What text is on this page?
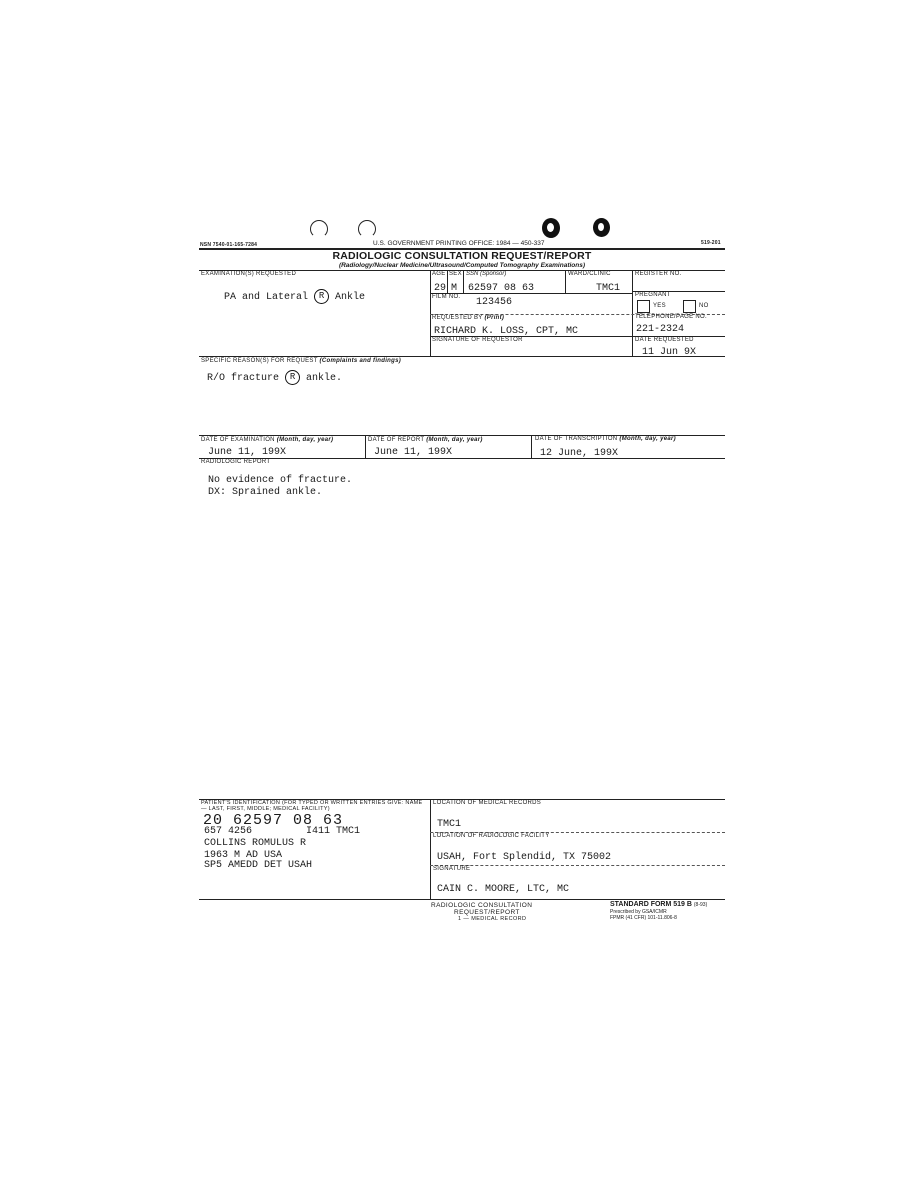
NSN 7540-01-165-7284	U.S. GOVERNMENT PRINTING OFFICE: 1984 — 450-337	519-201
RADIOLOGIC CONSULTATION REQUEST/REPORT
(Radiology/Nuclear Medicine/Ultrasound/Computed Tomography Examinations)
EXAMINATION(S) REQUESTED
PA and Lateral R Ankle
AGE
29
SEX
M
SSN (Sponsor)
62597 08 63
WARD/CLINIC
TMC1
REGISTER NO.
FILM NO. 123456
PREGNANT
YES	NO
REQUESTED BY (Print)
RICHARD K. LOSS, CPT, MC
TELEPHONE/PAGE NO.
221-2324
SIGNATURE OF REQUESTOR	DATE REQUESTED
11 Jun 9X
SPECIFIC REASON(S) FOR REQUEST (Complaints and findings)
R/O fracture R ankle.
DATE OF EXAMINATION (Month, day, year)
June 11, 199X
DATE OF REPORT (Month, day, year)
June 11, 199X
DATE OF TRANSCRIPTION (Month, day, year)
12 June, 199X
RADIOLOGIC REPORT
No evidence of fracture.
DX: Sprained ankle.
PATIENT'S IDENTIFICATION (FOR TYPED OR WRITTEN ENTRIES GIVE: NAME — LAST, FIRST, MIDDLE; MEDICAL FACILITY)
20 62597 08 63
657 4256	I411 TMC1
COLLINS ROMULUS R
1963 M AD USA
SP5 AMEDD DET USAH
LOCATION OF MEDICAL RECORDS
TMC1
LOCATION OF RADIOLOGIC FACILITY
USAH, Fort Splendid, TX 75002
SIGNATURE
CAIN C. MOORE, LTC, MC
RADIOLOGIC CONSULTATION
REQUEST/REPORT
1 — MEDICAL RECORD
STANDARD FORM 519 B (8-93)
Prescribed by GSA/ICMR
FPMR (41 CFR) 101-11.806-8
